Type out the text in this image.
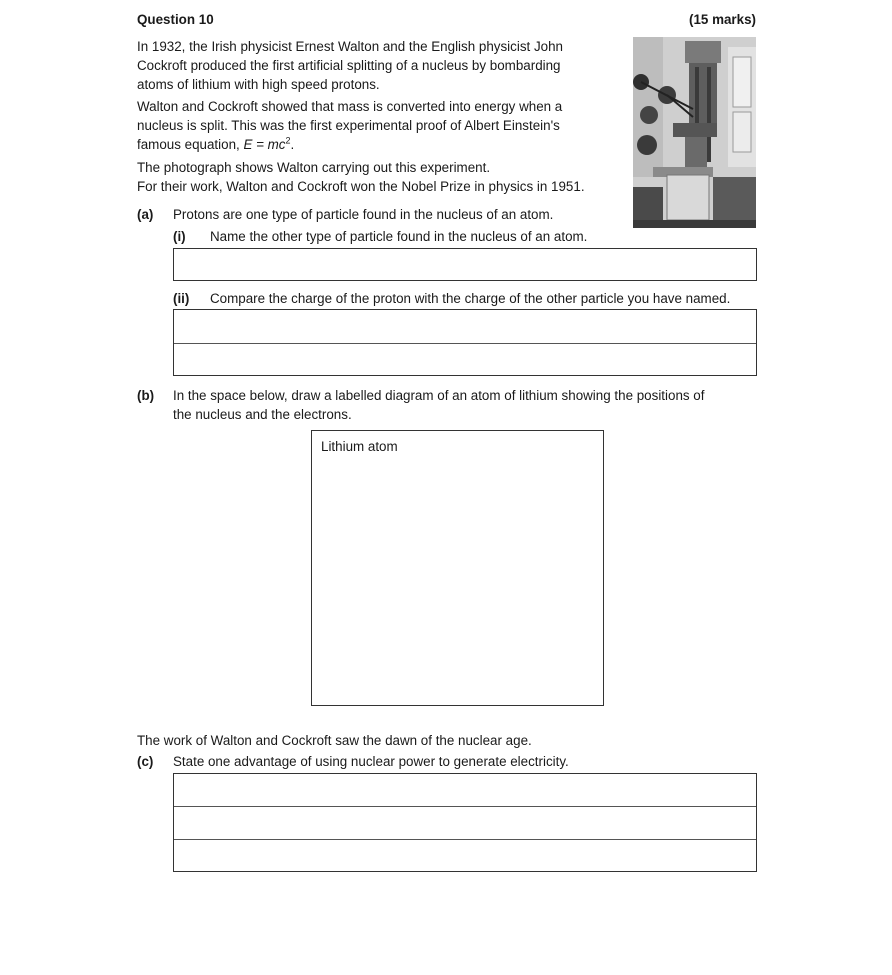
Question 10	(15 marks)
In 1932, the Irish physicist Ernest Walton and the English physicist John
Cockroft produced the first artificial splitting of a nucleus by bombarding
atoms of lithium with high speed protons.
Walton and Cockroft showed that mass is converted into energy when a
nucleus is split. This was the first experimental proof of Albert Einstein's
famous equation, $E = mc^2$.
The photograph shows Walton carrying out this experiment.
For their work, Walton and Cockroft won the Nobel Prize in physics in 1951.
(a) Protons are one type of particle found in the nucleus of an atom.
(i) Name the other type of particle found in the nucleus of an atom.
(ii) Compare the charge of the proton with the charge of the other particle you have named.
(b) In the space below, draw a labelled diagram of an atom of lithium showing the positions of
the nucleus and the electrons.
Lithium atom
The work of Walton and Cockroft saw the dawn of the nuclear age.
(c) State one advantage of using nuclear power to generate electricity.
